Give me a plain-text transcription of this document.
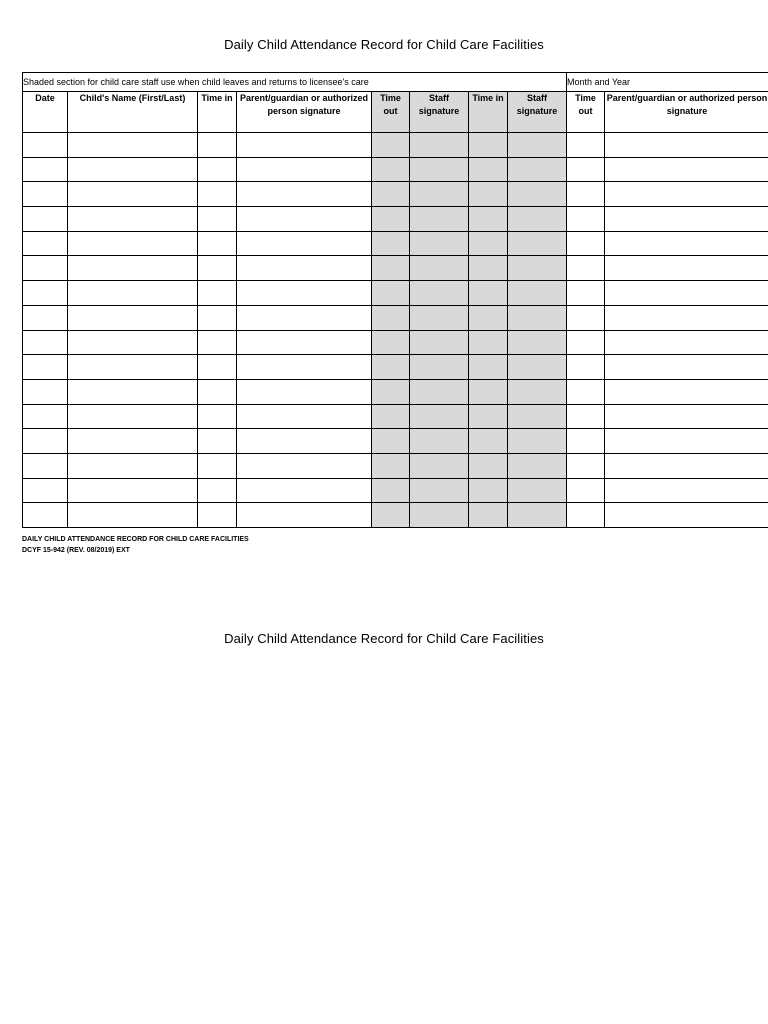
Daily Child Attendance Record for Child Care Facilities
Shaded section for child care staff use when child leaves and returns to licensee's care								Month and Year	
Date	Child's Name (First/Last)	Time in	Parent/guardian or authorized person signature	Time out	Staff signature	Time in	Staff signature	Time out	Parent/guardian or authorized person signature

DAILY CHILD ATTENDANCE RECORD FOR CHILD CARE FACILITIES
DCYF 15-942 (REV. 08/2019) EXT
Daily Child Attendance Record for Child Care Facilities
